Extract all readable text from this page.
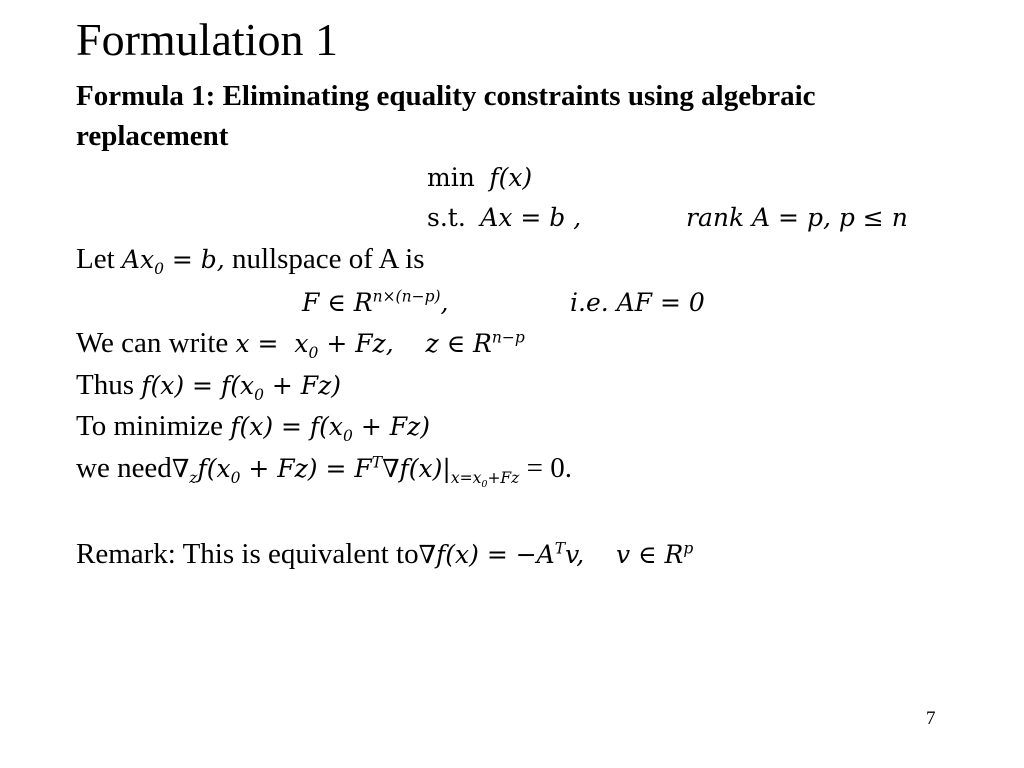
Formulation 1
Formula 1: Eliminating equality constraints using algebraic
replacement
min f(x)
s.t. Ax = b ,	rank A = p, p ≤ n
Let $Ax_0 = b$, nullspace of A is
F ∈ $R^{n\times(n-p)}$,	i.e. AF = 0
We can write $x = x_0 + Fz$,    z ∈ $R^{n-p}$
Thus $f(x) = f(x_0 + Fz)$
To minimize $f(x) = f(x_0 + Fz)$
we $need\nabla_zf(x_0 + Fz) = F^T\nabla f(x)|_{x=x_0+Fz} = 0$.
Remark: This is equivalent $to\nabla f(x) = -A^Tv$,    v ∈ $R^p$
7
